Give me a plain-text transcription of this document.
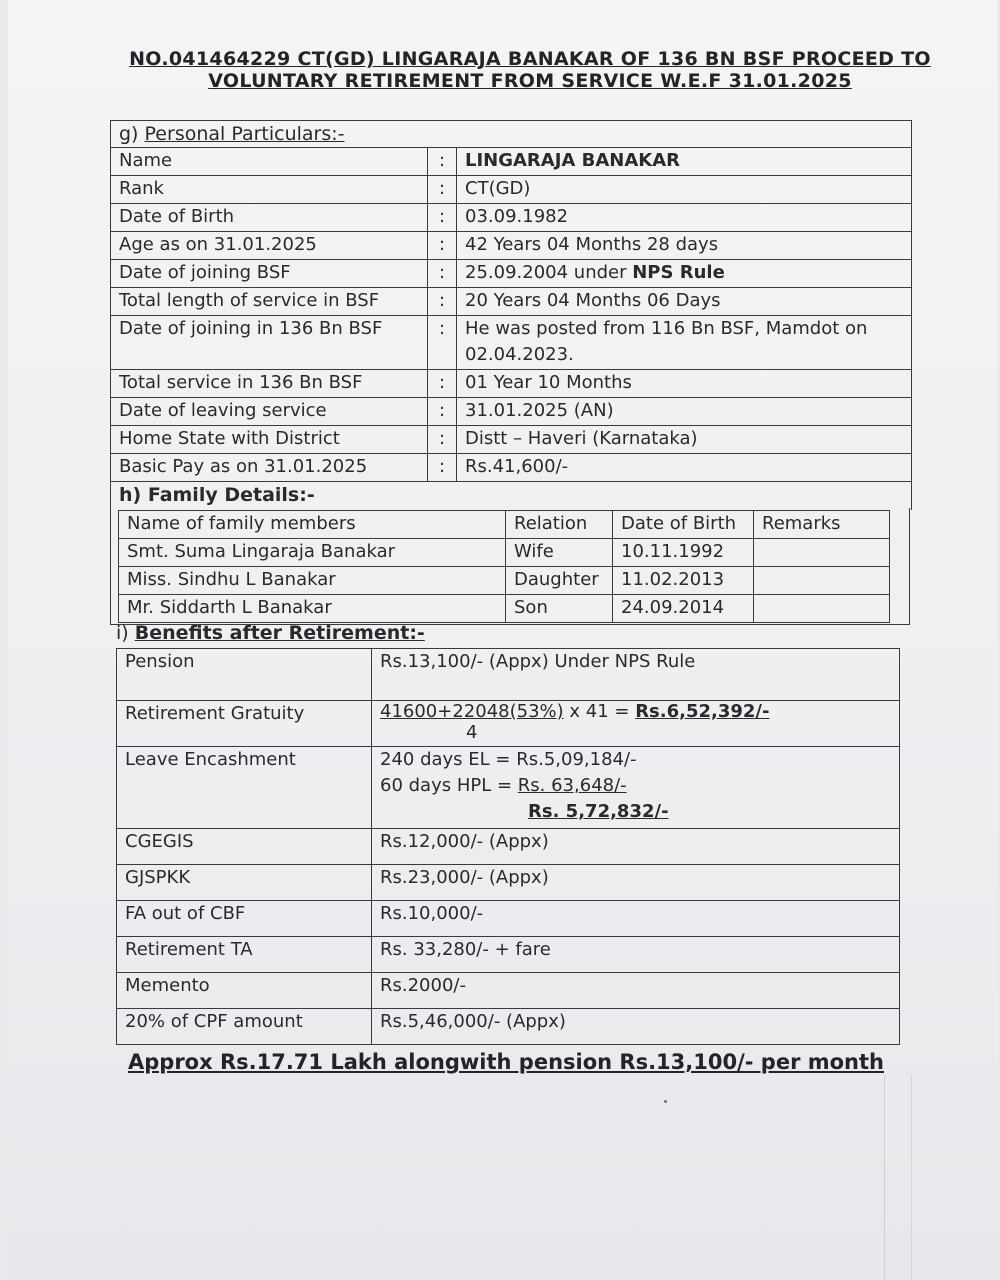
NO.041464229 CT(GD) LINGARAJA BANAKAR OF 136 BN BSF PROCEED TO
VOLUNTARY RETIREMENT FROM SERVICE W.E.F 31.01.2025
g) Personal Particulars:-		
Name	:	LINGARAJA BANAKAR
Rank	:	CT(GD)
Date of Birth	:	03.09.1982
Age as on 31.01.2025	:	42 Years 04 Months 28 days
Date of joining BSF	:	25.09.2004 under NPS Rule
Total length of service in BSF	:	20 Years 04 Months 06 Days
Date of joining in 136 Bn BSF	:	He was posted from 116 Bn BSF, Mamdot on 02.04.2023.
Total service in 136 Bn BSF	:	01 Year 10 Months
Date of leaving service	:	31.01.2025 (AN)
Home State with District	:	Distt – Haveri (Karnataka)
Basic Pay as on 31.01.2025	:	Rs.41,600/-
h) Family Details:-		
Name of family members	Relation	Date of Birth	Remarks
Smt. Suma Lingaraja Banakar	Wife	10.11.1992	
Miss. Sindhu L Banakar	Daughter	11.02.2013	
Mr. Siddarth L Banakar	Son	24.09.2014	
i) Benefits after Retirement:-
Pension	Rs.13,100/- (Appx) Under NPS Rule
Retirement Gratuity	41600+22048(53%) x 41 = Rs.6,52,392/-
4

Leave Encashment	240 days EL = Rs.5,09,184/-
60 days HPL = Rs. 63,648/-
Rs. 5,72,832/-

CGEGIS	Rs.12,000/- (Appx)
GJSPKK	Rs.23,000/- (Appx)
FA out of CBF	Rs.10,000/-
Retirement TA	Rs. 33,280/- + fare
Memento	Rs.2000/-
20% of CPF amount	Rs.5,46,000/- (Appx)
Approx Rs.17.71 Lakh alongwith pension Rs.13,100/- per month
